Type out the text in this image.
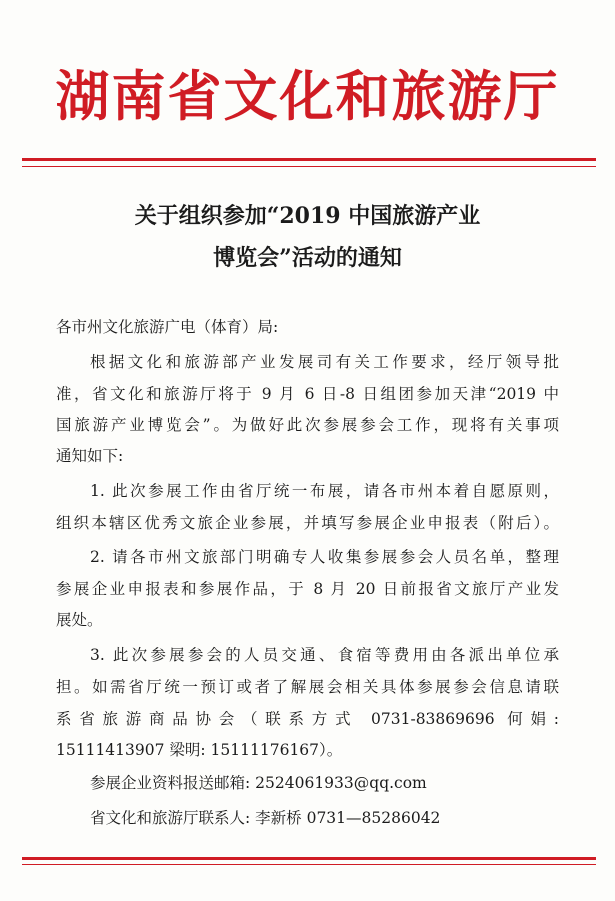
湖南省文化和旅游厅
关于组织参加“2019 中国旅游产业
博览会”活动的通知
各市州文化旅游广电（体育）局:
根据文化和旅游部产业发展司有关工作要求，经厅领导批
准，省文化和旅游厅将于 9 月 6 日-8 日组团参加天津“2019 中
国旅游产业博览会”。为做好此次参展参会工作，现将有关事项
通知如下:
1. 此次参展工作由省厅统一布展，请各市州本着自愿原则，
组织本辖区优秀文旅企业参展，并填写参展企业申报表（附后）。
2. 请各市州文旅部门明确专人收集参展参会人员名单，整理
参展企业申报表和参展作品，于 8 月 20 日前报省文旅厅产业发
展处。
3. 此次参展参会的人员交通、食宿等费用由各派出单位承
担。如需省厅统一预订或者了解展会相关具体参展参会信息请联
系省旅游商品协会（联系方式 0731-83869696 何娟:
15111413907 梁明: 15111176167）。
参展企业资料报送邮箱: 2524061933@qq.com
省文化和旅游厅联系人: 李新桥 0731—85286042
